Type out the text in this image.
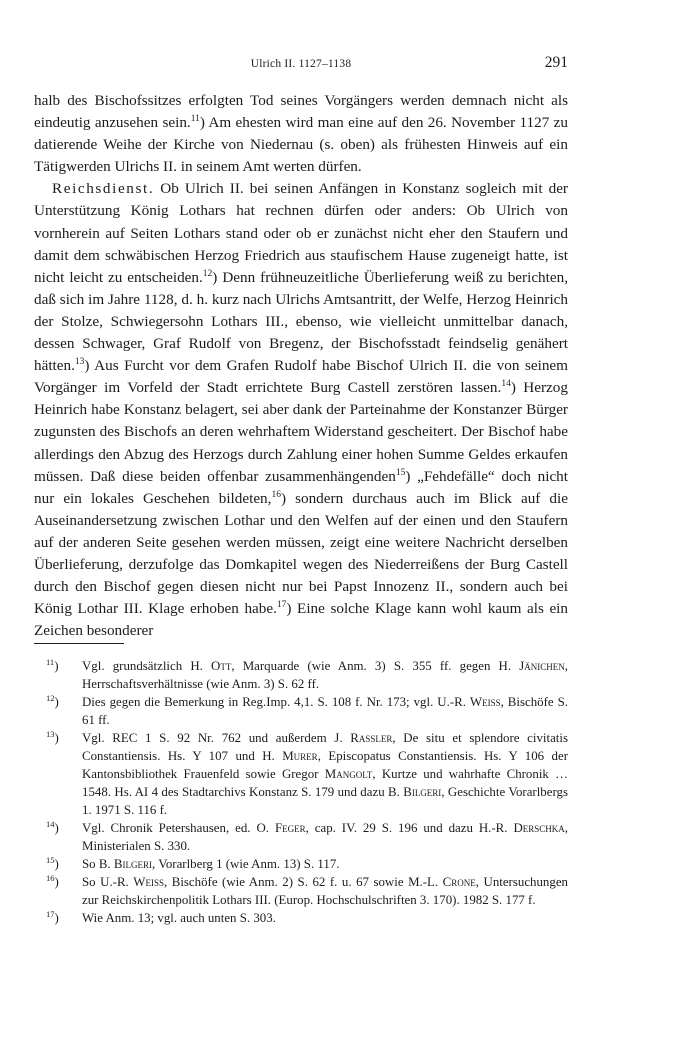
Ulrich II. 1127–1138	291

halb des Bischofssitzes erfolgten Tod seines Vorgängers werden demnach nicht als eindeutig anzusehen sein.$^{11}$) Am ehesten wird man eine auf den 26. November 1127 zu datierende Weihe der Kirche von Niedernau (s. oben) als frühesten Hinweis auf ein Tätigwerden Ulrichs II. in seinem Amt werten dürfen.

Reichsdienst. Ob Ulrich II. bei seinen Anfängen in Konstanz sogleich mit der Unterstützung König Lothars hat rechnen dürfen oder anders: Ob Ulrich von vornherein auf Seiten Lothars stand oder ob er zunächst nicht eher den Staufern und damit dem schwäbischen Herzog Friedrich aus staufischem Hause zugeneigt hatte, ist nicht leicht zu entscheiden.$^{12}$) Denn frühneuzeitliche Überlieferung weiß zu berichten, daß sich im Jahre 1128, d. h. kurz nach Ulrichs Amtsantritt, der Welfe, Herzog Heinrich der Stolze, Schwiegersohn Lothars III., ebenso, wie vielleicht unmittelbar danach, dessen Schwager, Graf Rudolf von Bregenz, der Bischofsstadt feindselig genähert hätten.$^{13}$) Aus Furcht vor dem Grafen Rudolf habe Bischof Ulrich II. die von seinem Vorgänger im Vorfeld der Stadt errichtete Burg Castell zerstören lassen.$^{14}$) Herzog Heinrich habe Konstanz belagert, sei aber dank der Parteinahme der Konstanzer Bürger zugunsten des Bischofs an deren wehrhaftem Widerstand gescheitert. Der Bischof habe allerdings den Abzug des Herzogs durch Zahlung einer hohen Summe Geldes erkaufen müssen. Daß diese beiden offenbar zusammenhängenden$^{15}$) „Fehdefälle“ doch nicht nur ein lokales Geschehen bildeten,$^{16}$) sondern durchaus auch im Blick auf die Auseinandersetzung zwischen Lothar und den Welfen auf der einen und den Staufern auf der anderen Seite gesehen werden müssen, zeigt eine weitere Nachricht derselben Überlieferung, derzufolge das Domkapitel wegen des Niederreißens der Burg Castell durch den Bischof gegen diesen nicht nur bei Papst Innozenz II., sondern auch bei König Lothar III. Klage erhoben habe.$^{17}$) Eine solche Klage kann wohl kaum als ein Zeichen besonderer

$^{11}$)	Vgl. grundsätzlich H. Ott, Marquarde (wie Anm. 3) S. 355 ff. gegen H. Jänichen, Herrschaftsverhältnisse (wie Anm. 3) S. 62 ff.
$^{12}$)	Dies gegen die Bemerkung in Reg.Imp. 4,1. S. 108 f. Nr. 173; vgl. U.-R. Weiss, Bischöfe S. 61 ff.
$^{13}$)	Vgl. REC 1 S. 92 Nr. 762 und außerdem J. Rassler, De situ et splendore civitatis Constantiensis. Hs. Y 107 und H. Murer, Episcopatus Constantiensis. Hs. Y 106 der Kantonsbibliothek Frauenfeld sowie Gregor Mangolt, Kurtze und wahrhafte Chronik … 1548. Hs. AI 4 des Stadtarchivs Konstanz S. 179 und dazu B. Bilgeri, Geschichte Vorarlbergs 1. 1971 S. 116 f.
$^{14}$)	Vgl. Chronik Petershausen, ed. O. Feger, cap. IV. 29 S. 196 und dazu H.-R. Derschka, Ministerialen S. 330.
$^{15}$)	So B. Bilgeri, Vorarlberg 1 (wie Anm. 13) S. 117.
$^{16}$)	So U.-R. Weiss, Bischöfe (wie Anm. 2) S. 62 f. u. 67 sowie M.-L. Crone, Untersuchungen zur Reichskirchenpolitik Lothars III. (Europ. Hochschulschriften 3. 170). 1982 S. 177 f.
$^{17}$)	Wie Anm. 13; vgl. auch unten S. 303.
